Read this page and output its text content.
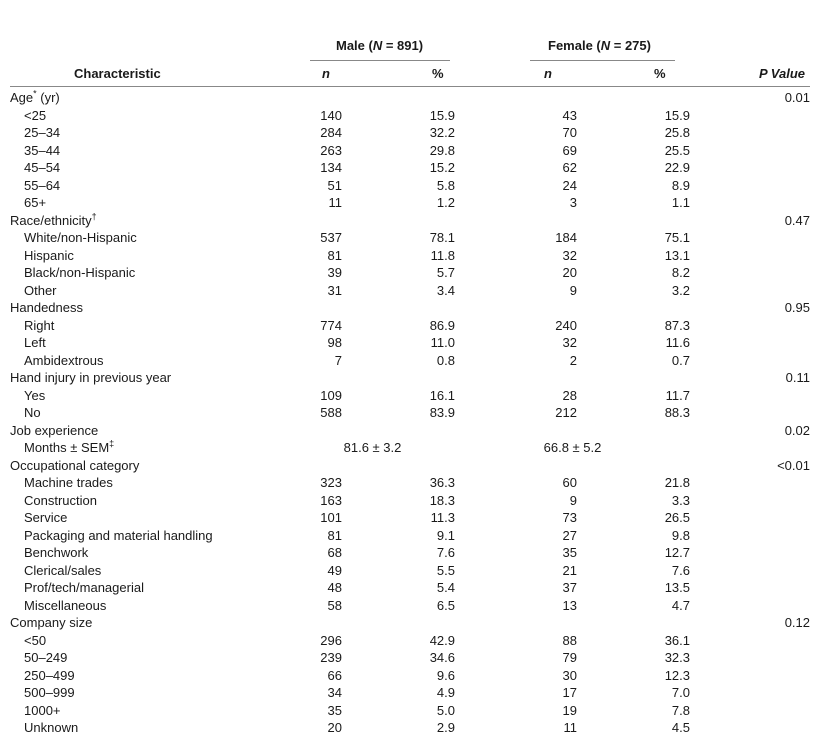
Male (N = 891)	Female (N = 275)
Characteristic	n	%	n	%	P Value
Age* (yr)					0.01
<25	140	15.9	43	15.9	
25–34	284	32.2	70	25.8	
35–44	263	29.8	69	25.5	
45–54	134	15.2	62	22.9	
55–64	51	5.8	24	8.9	
65+	11	1.2	3	1.1	
Race/ethnicity†					0.47
White/non-Hispanic	537	78.1	184	75.1	
Hispanic	81	11.8	32	13.1	
Black/non-Hispanic	39	5.7	20	8.2	
Other	31	3.4	9	3.2	
Handedness					0.95
Right	774	86.9	240	87.3	
Left	98	11.0	32	11.6	
Ambidextrous	7	0.8	2	0.7	
Hand injury in previous year					0.11
Yes	109	16.1	28	11.7	
No	588	83.9	212	88.3	
Job experience					0.02
Months ± SEM‡	81.6 ± 3.2		66.8 ± 5.2		
Occupational category					<0.01
Machine trades	323	36.3	60	21.8	
Construction	163	18.3	9	3.3	
Service	101	11.3	73	26.5	
Packaging and material handling	81	9.1	27	9.8	
Benchwork	68	7.6	35	12.7	
Clerical/sales	49	5.5	21	7.6	
Prof/tech/managerial	48	5.4	37	13.5	
Miscellaneous	58	6.5	13	4.7	
Company size					0.12
<50	296	42.9	88	36.1	
50–249	239	34.6	79	32.3	
250–499	66	9.6	30	12.3	
500–999	34	4.9	17	7.0	
1000+	35	5.0	19	7.8	
Unknown	20	2.9	11	4.5	
